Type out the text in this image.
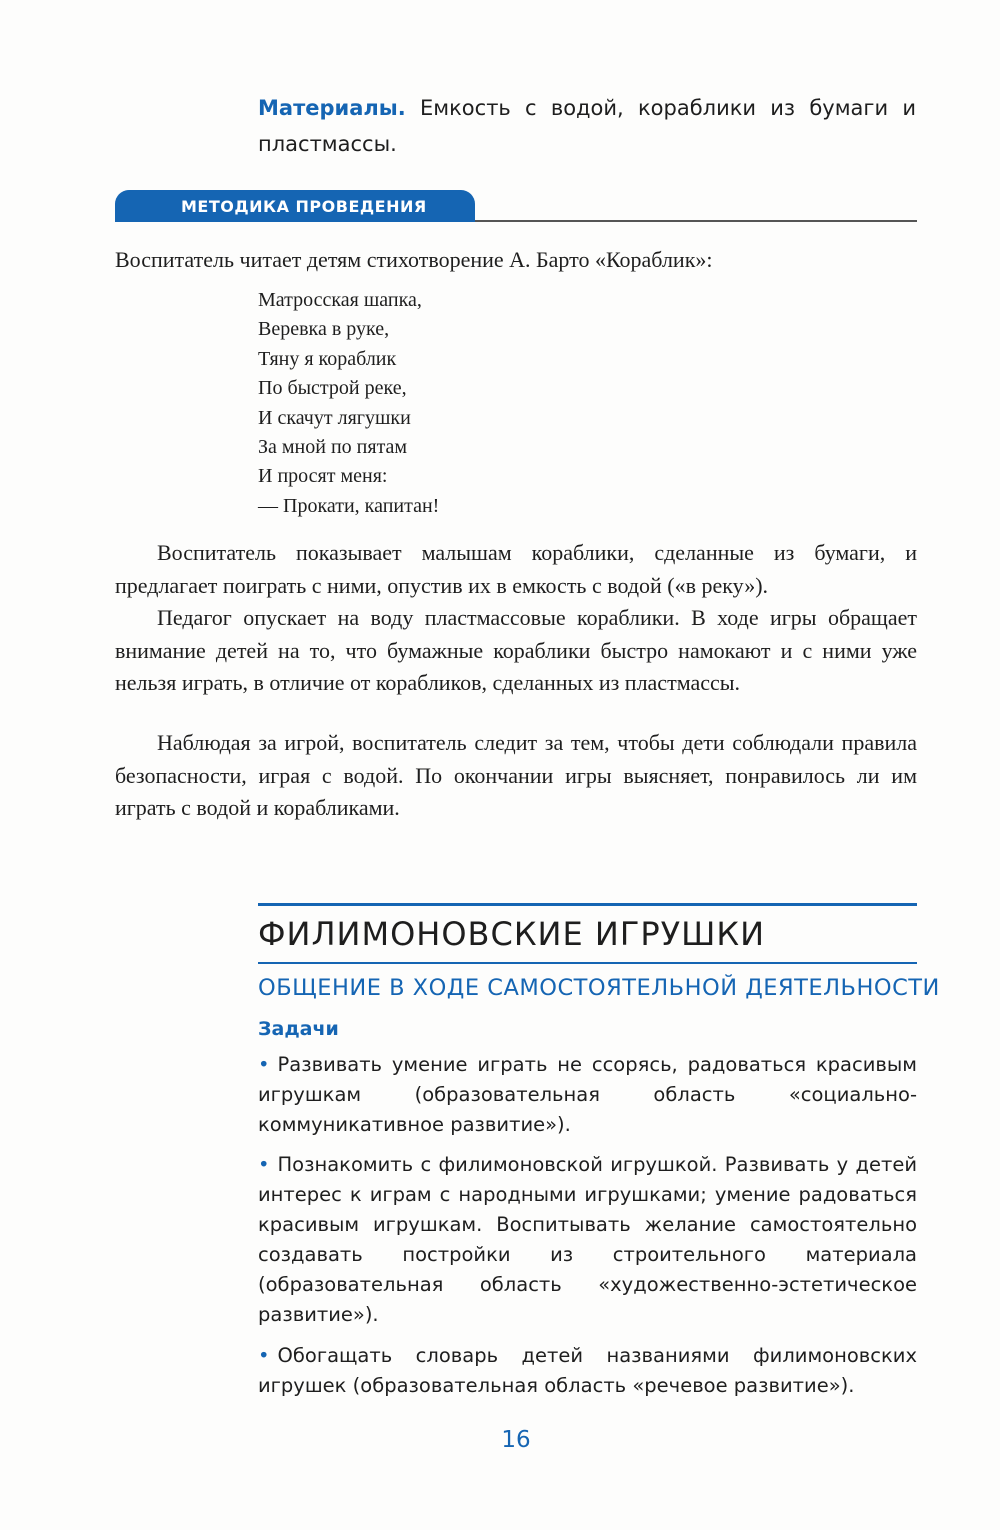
Материалы. Емкость с водой, кораблики из бумаги и пластмассы.

МЕТОДИКА ПРОВЕДЕНИЯ

Воспитатель читает детям стихотворение А. Барто «Кораблик»:

Матросская шапка,
Веревка в руке,
Тяну я кораблик
По быстрой реке,
И скачут лягушки
За мной по пятам
И просят меня:
— Прокати, капитан!

Воспитатель показывает малышам кораблики, сделанные из бумаги, и предлагает поиграть с ними, опустив их в емкость с водой («в реку»).

Педагог опускает на воду пластмассовые кораблики. В ходе игры обращает внимание детей на то, что бумажные кораблики быстро намокают и с ними уже нельзя играть, в отличие от корабликов, сделанных из пластмассы.

Наблюдая за игрой, воспитатель следит за тем, чтобы дети соблюдали правила безопасности, играя с водой. По окончании игры выясняет, понравилось ли им играть с водой и корабликами.

ФИЛИМОНОВСКИЕ ИГРУШКИ
ОБЩЕНИЕ В ХОДЕ САМОСТОЯТЕЛЬНОЙ ДЕЯТЕЛЬНОСТИ
Задачи

• Развивать умение играть не ссорясь, радоваться красивым игрушкам (образовательная область «социально-коммуникативное развитие»).

• Познакомить с филимоновской игрушкой. Развивать у детей интерес к играм с народными игрушками; умение радоваться красивым игрушкам. Воспитывать желание самостоятельно создавать постройки из строительного материала (образовательная область «художественно-эстетическое развитие»).

• Обогащать словарь детей названиями филимоновских игрушек (образовательная область «речевое развитие»).

16
